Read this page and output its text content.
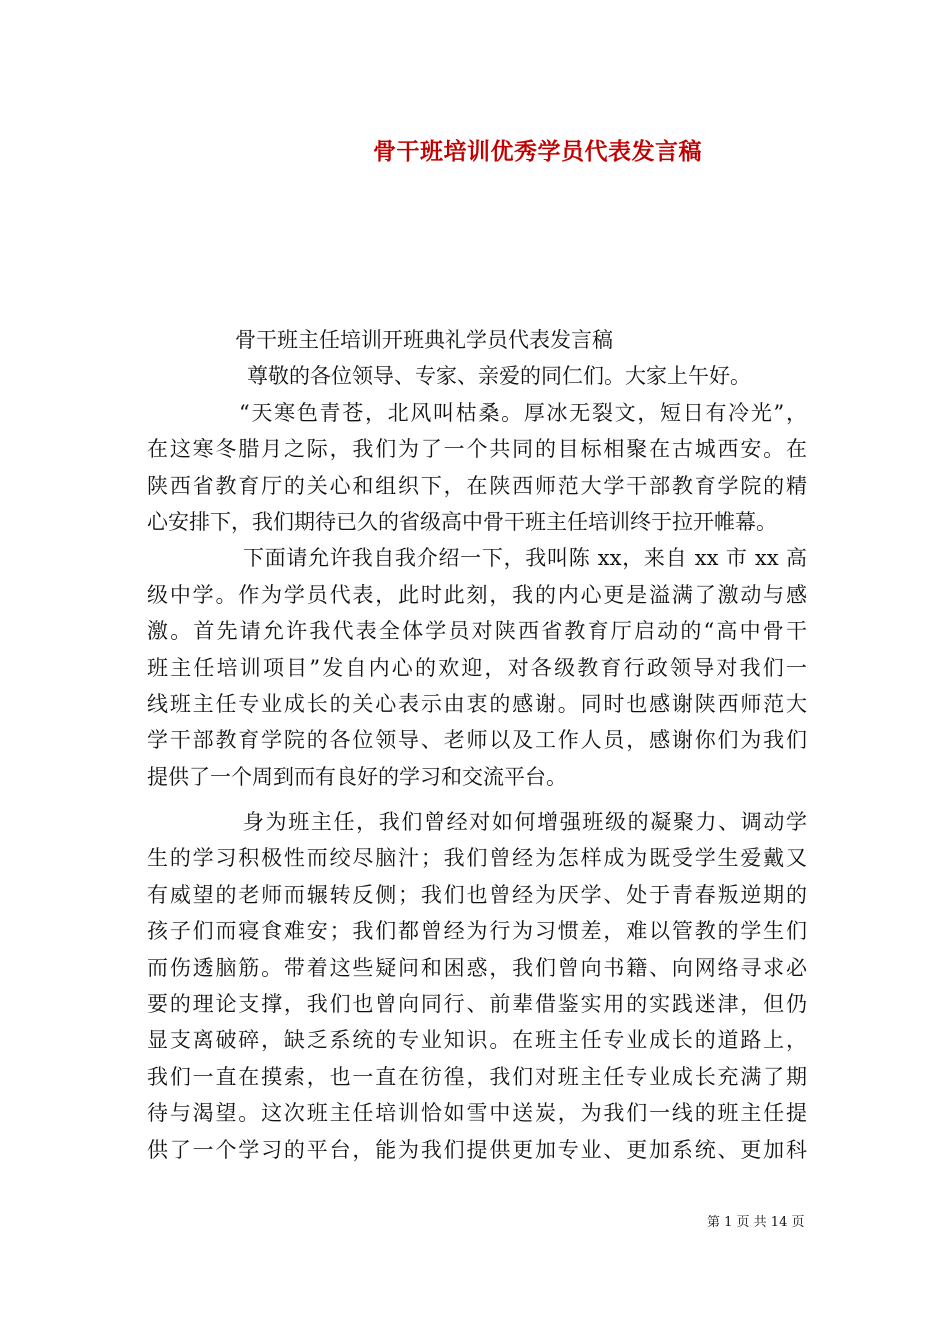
骨干班培训优秀学员代表发言稿
骨干班主任培训开班典礼学员代表发言稿
尊敬的各位领导、专家、亲爱的同仁们。大家上午好。
“天寒色青苍，北风叫枯桑。厚冰无裂文，短日有冷光”，
在这寒冬腊月之际，我们为了一个共同的目标相聚在古城西安。在
陕西省教育厅的关心和组织下，在陕西师范大学干部教育学院的精
心安排下，我们期待已久的省级高中骨干班主任培训终于拉开帷幕。
下面请允许我自我介绍一下，我叫陈 xx，来自 xx 市 xx 高
级中学。作为学员代表，此时此刻，我的内心更是溢满了激动与感
激。首先请允许我代表全体学员对陕西省教育厅启动的“高中骨干
班主任培训项目”发自内心的欢迎，对各级教育行政领导对我们一
线班主任专业成长的关心表示由衷的感谢。同时也感谢陕西师范大
学干部教育学院的各位领导、老师以及工作人员，感谢你们为我们
提供了一个周到而有良好的学习和交流平台。
身为班主任，我们曾经对如何增强班级的凝聚力、调动学
生的学习积极性而绞尽脑汁；我们曾经为怎样成为既受学生爱戴又
有威望的老师而辗转反侧；我们也曾经为厌学、处于青春叛逆期的
孩子们而寝食难安；我们都曾经为行为习惯差，难以管教的学生们
而伤透脑筋。带着这些疑问和困惑，我们曾向书籍、向网络寻求必
要的理论支撑，我们也曾向同行、前辈借鉴实用的实践迷津，但仍
显支离破碎，缺乏系统的专业知识。在班主任专业成长的道路上，
我们一直在摸索，也一直在彷徨，我们对班主任专业成长充满了期
待与渴望。这次班主任培训恰如雪中送炭，为我们一线的班主任提
供了一个学习的平台，能为我们提供更加专业、更加系统、更加科
第 1 页 共 14 页
